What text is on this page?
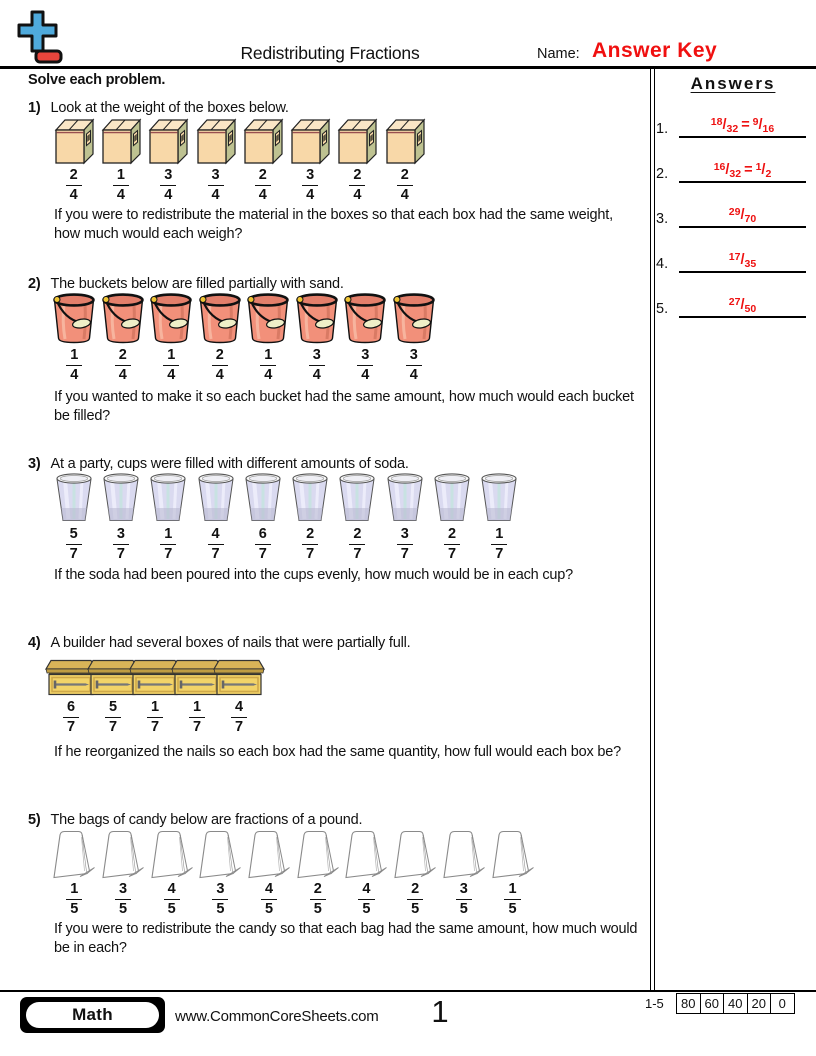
Redistributing Fractions	Name: Answer Key
Solve each problem.	Answers
1.	$^{18}/_{32} = ^9/_{16}$
2.	$^{16}/_{32} = ^1/_2$
3.	$^{29}/_{70}$
4.	$^{17}/_{35}$
5.	$^{27}/_{50}$
1) Look at the weight of the boxes below.
$\frac{2}{4} \frac{1}{4} \frac{3}{4} \frac{3}{4} \frac{2}{4} \frac{3}{4} \frac{2}{4} \frac{2}{4}$
If you were to redistribute the material in the boxes so that each box had the same weight, how much would each weigh?
2) The buckets below are filled partially with sand.
$\frac{1}{4} \frac{2}{4} \frac{1}{4} \frac{2}{4} \frac{1}{4} \frac{3}{4} \frac{3}{4} \frac{3}{4}$
If you wanted to make it so each bucket had the same amount, how much would each bucket be filled?
3) At a party, cups were filled with different amounts of soda.
$\frac{5}{7} \frac{3}{7} \frac{1}{7} \frac{4}{7} \frac{6}{7} \frac{2}{7} \frac{2}{7} \frac{3}{7} \frac{2}{7} \frac{1}{7}$
If the soda had been poured into the cups evenly, how much would be in each cup?
4) A builder had several boxes of nails that were partially full.
$\frac{6}{7} \frac{5}{7} \frac{1}{7} \frac{1}{7} \frac{4}{7}$
If he reorganized the nails so each box had the same quantity, how full would each box be?
5) The bags of candy below are fractions of a pound.
$\frac{1}{5} \frac{3}{5} \frac{4}{5} \frac{3}{5} \frac{4}{5} \frac{2}{5} \frac{4}{5} \frac{2}{5} \frac{3}{5} \frac{1}{5}$
If you were to redistribute the candy so that each bag had the same amount, how much would be in each?
Math	www.CommonCoreSheets.com	1	1-5	80 60 40 20 0
